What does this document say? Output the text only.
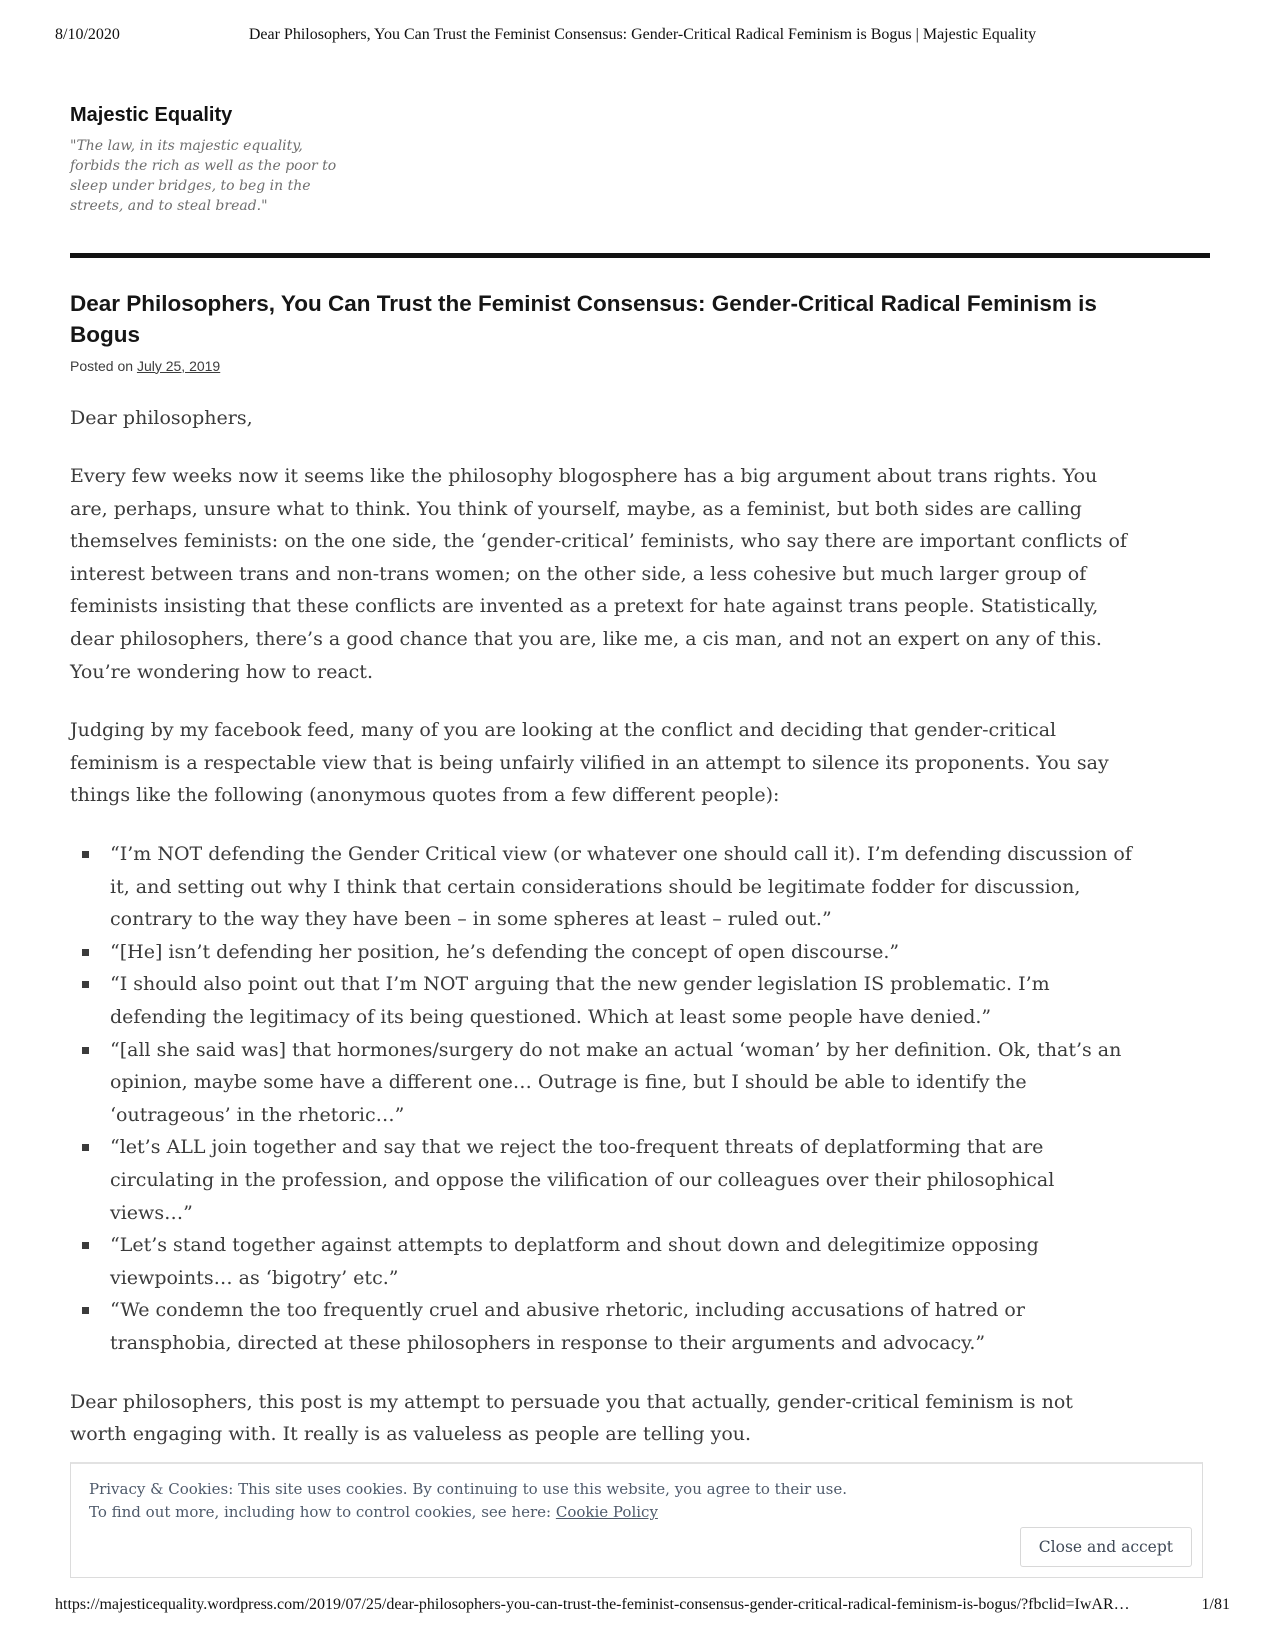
8/10/2020	Dear Philosophers, You Can Trust the Feminist Consensus: Gender-Critical Radical Feminism is Bogus | Majestic Equality
Majestic Equality
"The law, in its majestic equality, forbids the rich as well as the poor to sleep under bridges, to beg in the streets, and to steal bread."
Dear Philosophers, You Can Trust the Feminist Consensus: Gender-Critical Radical Feminism is Bogus
Posted on July 25, 2019

Dear philosophers,

Every few weeks now it seems like the philosophy blogosphere has a big argument about trans rights. You are, perhaps, unsure what to think. You think of yourself, maybe, as a feminist, but both sides are calling themselves feminists: on the one side, the ‘gender-critical’ feminists, who say there are important conflicts of interest between trans and non-trans women; on the other side, a less cohesive but much larger group of feminists insisting that these conflicts are invented as a pretext for hate against trans people. Statistically, dear philosophers, there’s a good chance that you are, like me, a cis man, and not an expert on any of this. You’re wondering how to react.

Judging by my facebook feed, many of you are looking at the conflict and deciding that gender-critical feminism is a respectable view that is being unfairly vilified in an attempt to silence its proponents. You say things like the following (anonymous quotes from a few different people):

“I’m NOT defending the Gender Critical view (or whatever one should call it). I’m defending discussion of it, and setting out why I think that certain considerations should be legitimate fodder for discussion, contrary to the way they have been – in some spheres at least – ruled out.”
“[He] isn’t defending her position, he’s defending the concept of open discourse.”
“I should also point out that I’m NOT arguing that the new gender legislation IS problematic. I’m defending the legitimacy of its being questioned. Which at least some people have denied.”
“[all she said was] that hormones/surgery do not make an actual ‘woman’ by her definition. Ok, that’s an opinion, maybe some have a different one… Outrage is fine, but I should be able to identify the ‘outrageous’ in the rhetoric…”
“let’s ALL join together and say that we reject the too-frequent threats of deplatforming that are circulating in the profession, and oppose the vilification of our colleagues over their philosophical views…”
“Let’s stand together against attempts to deplatform and shout down and delegitimize opposing viewpoints… as ‘bigotry’ etc.”
“We condemn the too frequently cruel and abusive rhetoric, including accusations of hatred or transphobia, directed at these philosophers in response to their arguments and advocacy.”

Dear philosophers, this post is my attempt to persuade you that actually, gender-critical feminism is not worth engaging with. It really is as valueless as people are telling you.

Privacy & Cookies: This site uses cookies. By continuing to use this website, you agree to their use.
To find out more, including how to control cookies, see here: Cookie Policy
Close and accept
https://majesticequality.wordpress.com/2019/07/25/dear-philosophers-you-can-trust-the-feminist-consensus-gender-critical-radical-feminism-is-bogus/?fbclid=IwAR…	1/81
